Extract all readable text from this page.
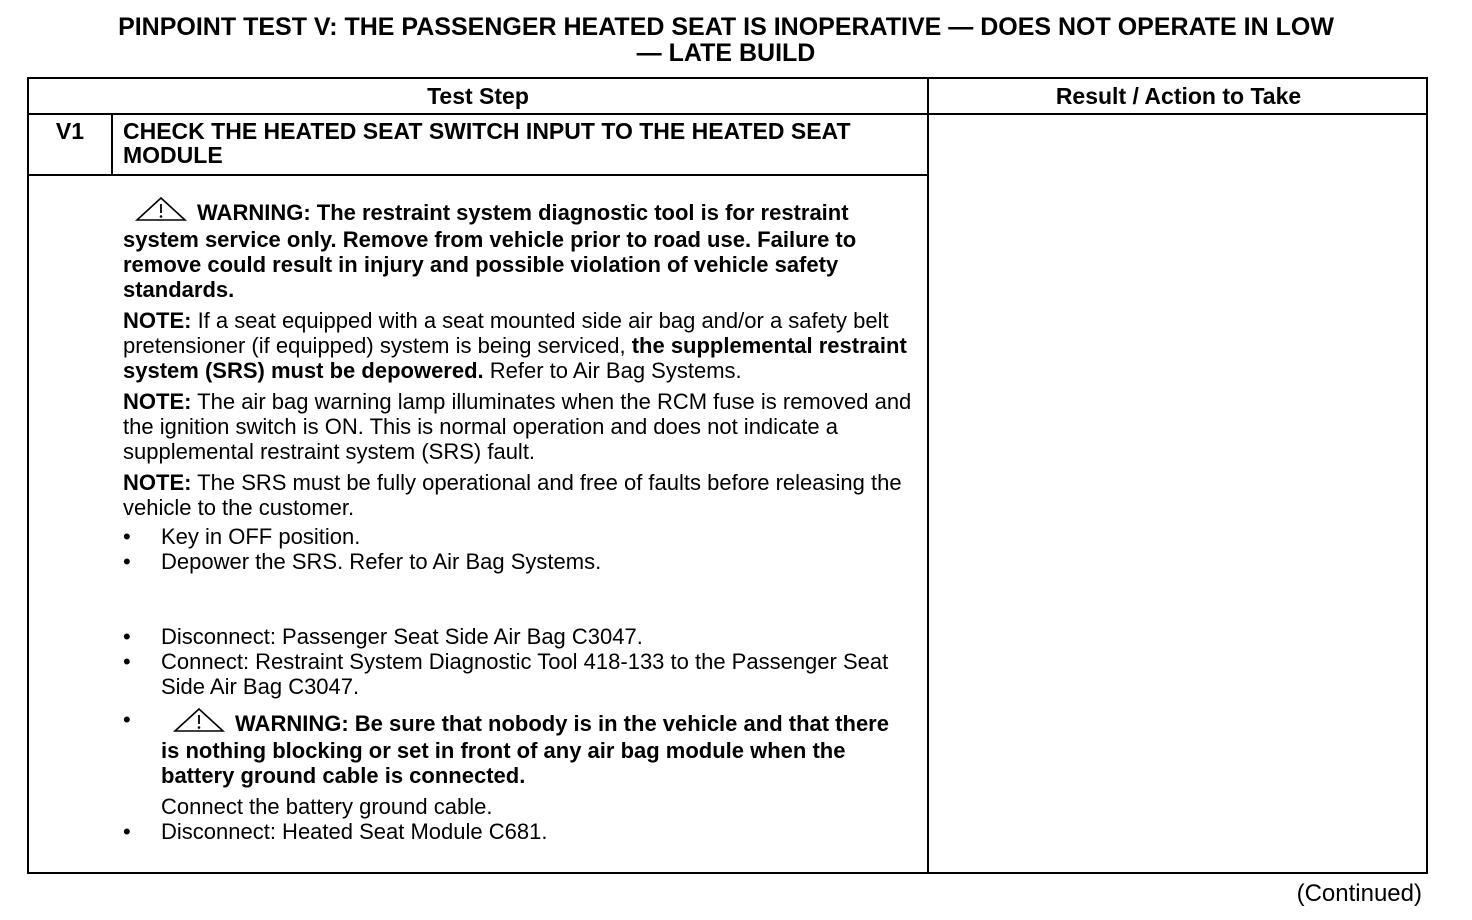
PINPOINT TEST V: THE PASSENGER HEATED SEAT IS INOPERATIVE — DOES NOT OPERATE IN LOW
— LATE BUILD
Test Step	Result / Action to Take
V1	CHECK THE HEATED SEAT SWITCH INPUT TO THE HEATED SEAT MODULE

WARNING: The restraint system diagnostic tool is for restraint system service only. Remove from vehicle prior to road use. Failure to remove could result in injury and possible violation of vehicle safety standards.

NOTE: If a seat equipped with a seat mounted side air bag and/or a safety belt pretensioner (if equipped) system is being serviced, the supplemental restraint system (SRS) must be depowered. Refer to Air Bag Systems.

NOTE: The air bag warning lamp illuminates when the RCM fuse is removed and the ignition switch is ON. This is normal operation and does not indicate a supplemental restraint system (SRS) fault.

NOTE: The SRS must be fully operational and free of faults before releasing the vehicle to the customer.

• Key in OFF position.
• Depower the SRS. Refer to Air Bag Systems.
• Disconnect: Passenger Seat Side Air Bag C3047.
• Connect: Restraint System Diagnostic Tool 418-133 to the Passenger Seat Side Air Bag C3047.
•	WARNING: Be sure that nobody is in the vehicle and that there is nothing blocking or set in front of any air bag module when the battery ground cable is connected.
Connect the battery ground cable.
• Disconnect: Heated Seat Module C681.
(Continued)
